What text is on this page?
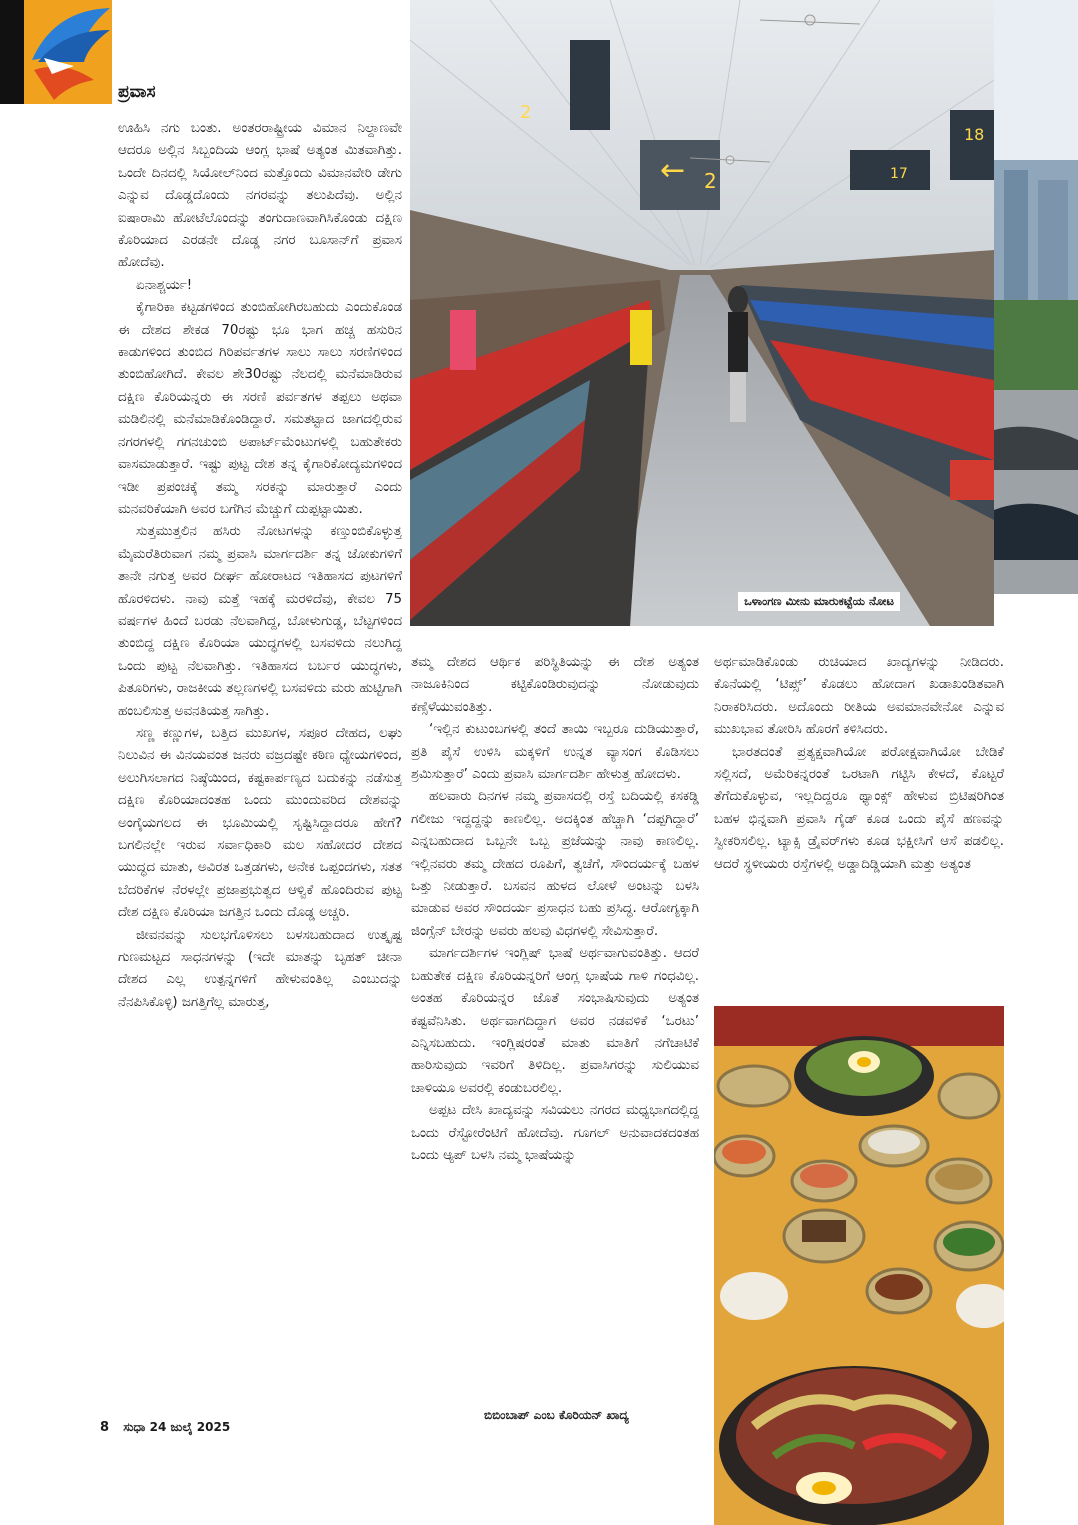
ಪ್ರವಾಸ

ಊಹಿಸಿ ನಗು ಬಂತು. ಅಂತರರಾಷ್ಟ್ರೀಯ ವಿಮಾನ ನಿಲ್ದಾಣವೇ ಆದರೂ ಅಲ್ಲಿನ ಸಿಬ್ಬಂದಿಯ ಆಂಗ್ಲ ಭಾಷೆ ಅತ್ಯಂತ ಮಿತವಾಗಿತ್ತು. ಒಂದೇ ದಿನದಲ್ಲಿ ಸಿಯೋಲ್‌ನಿಂದ ಮತ್ತೊಂದು ವಿಮಾನವೇರಿ ಡೇಗು ಎನ್ನುವ ದೊಡ್ಡದೊಂದು ನಗರವನ್ನು ತಲುಪಿದೆವು. ಅಲ್ಲಿನ ಐಷಾರಾಮಿ ಹೋಟೆಲೊಂದನ್ನು ತಂಗುದಾಣವಾಗಿಸಿಕೊಂಡು ದಕ್ಷಿಣ ಕೊರಿಯಾದ ಎರಡನೇ ದೊಡ್ಡ ನಗರ ಬೂಸಾನ್‌ಗೆ ಪ್ರವಾಸ ಹೋದೆವು.

ಏನಾಶ್ಚರ್ಯ!

ಕೈಗಾರಿಕಾ ಕಟ್ಟಡಗಳಿಂದ ತುಂಬಿಹೋಗಿರಬಹುದು ಎಂದುಕೊಂಡ ಈ ದೇಶದ ಶೇಕಡ 70ರಷ್ಟು ಭೂ ಭಾಗ ಹಚ್ಚ ಹಸುರಿನ ಕಾಡುಗಳಿಂದ ತುಂಬಿದ ಗಿರಿಪರ್ವತಗಳ ಸಾಲು ಸಾಲು ಸರಣಿಗಳಿಂದ ತುಂಬಿಹೋಗಿದೆ. ಕೇವಲ ಶೇ30ರಷ್ಟು ನೆಲದಲ್ಲಿ ಮನೆಮಾಡಿರುವ ದಕ್ಷಿಣ ಕೊರಿಯನ್ನರು ಈ ಸರಣಿ ಪರ್ವತಗಳ ತಪ್ಪಲು ಅಥವಾ ಮಡಿಲಿನಲ್ಲಿ ಮನೆಮಾಡಿಕೊಂಡಿದ್ದಾರೆ. ಸಮತಟ್ಟಾದ ಜಾಗದಲ್ಲಿರುವ ನಗರಗಳಲ್ಲಿ ಗಗನಚುಂಬಿ ಅಪಾರ್ಟ್‌ಮೆಂಟುಗಳಲ್ಲಿ ಬಹುತೇಕರು ವಾಸಮಾಡುತ್ತಾರೆ. ಇಷ್ಟು ಪುಟ್ಟ ದೇಶ ತನ್ನ ಕೈಗಾರಿಕೋದ್ಯಮಗಳಿಂದ ಇಡೀ ಪ್ರಪಂಚಕ್ಕೆ ತಮ್ಮ ಸರಕನ್ನು ಮಾರುತ್ತಾರೆ ಎಂದು ಮನವರಿಕೆಯಾಗಿ ಅವರ ಬಗೆಗಿನ ಮೆಚ್ಚುಗೆ ದುಪ್ಪಟ್ಟಾಯಿತು.

ಸುತ್ತಮುತ್ತಲಿನ ಹಸಿರು ನೋಟಗಳನ್ನು ಕಣ್ತುಂಬಿಕೊಳ್ಳುತ್ತ ಮೈಮರೆತಿರುವಾಗ ನಮ್ಮ ಪ್ರವಾಸಿ ಮಾರ್ಗದರ್ಶಿ ತನ್ನ ಜೋಕುಗಳಿಗೆ ತಾನೇ ನಗುತ್ತ ಅವರ ದೀರ್ಘ ಹೋರಾಟದ ಇತಿಹಾಸದ ಪುಟಗಳಿಗೆ ಹೊರಳಿದಳು. ನಾವು ಮತ್ತೆ ಇಹಕ್ಕೆ ಮರಳಿದೆವು, ಕೇವಲ 75 ವರ್ಷಗಳ ಹಿಂದೆ ಬರಡು ನೆಲವಾಗಿದ್ದ, ಬೋಳುಗುಡ್ಡ, ಬೆಟ್ಟಗಳಿಂದ ತುಂಬಿದ್ದ ದಕ್ಷಿಣ ಕೊರಿಯಾ ಯುದ್ಧಗಳಲ್ಲಿ ಬಸವಳಿದು ನಲುಗಿದ್ದ ಒಂದು ಪುಟ್ಟ ನೆಲವಾಗಿತ್ತು. ಇತಿಹಾಸದ ಬರ್ಬರ ಯುದ್ಧಗಳು, ಪಿತೂರಿಗಳು, ರಾಜಕೀಯ ತಲ್ಲಣಗಳಲ್ಲಿ ಬಸವಳಿದು ಮರು ಹುಟ್ಟಿಗಾಗಿ ಹಂಬಲಿಸುತ್ತ ಅವನತಿಯತ್ತ ಸಾಗಿತ್ತು.

ಸಣ್ಣ ಕಣ್ಣುಗಳ, ಬತ್ತಿದ ಮುಖಗಳ, ಸಪೂರ ದೇಹದ, ಲಘು ನಿಲುವಿನ ಈ ವಿನಯವಂತ ಜನರು ವಜ್ರದಷ್ಟೇ ಕಠಿಣ ಧ್ಯೇಯಗಳಿಂದ, ಅಲುಗಿಸಲಾಗದ ನಿಷ್ಠೆಯಿಂದ, ಕಷ್ಟಕಾರ್ಪಣ್ಯದ ಬದುಕನ್ನು ನಡೆಸುತ್ತ ದಕ್ಷಿಣ ಕೊರಿಯಾದಂತಹ ಒಂದು ಮುಂದುವರಿದ ದೇಶವನ್ನು ಅಂಗೈಯಗಲದ ಈ ಭೂಮಿಯಲ್ಲಿ ಸೃಷ್ಟಿಸಿದ್ದಾದರೂ ಹೇಗೆ? ಬಗಲಿನಲ್ಲೇ ಇರುವ ಸರ್ವಾಧಿಕಾರಿ ಮಲ ಸಹೋದರ ದೇಶದ ಯುದ್ಧದ ಮಾತು, ಅವಿರತ ಒತ್ತಡಗಳು, ಅನೇಕ ಒಪ್ಪಂದಗಳು, ಸತತ ಬೆದರಿಕೆಗಳ ನೆರಳಲ್ಲೇ ಪ್ರಜಾಪ್ರಭುತ್ವದ ಆಳ್ವಿಕೆ ಹೊಂದಿರುವ ಪುಟ್ಟ ದೇಶ ದಕ್ಷಿಣ ಕೊರಿಯಾ ಜಗತ್ತಿನ ಒಂದು ದೊಡ್ಡ ಅಚ್ಚರಿ.

ಜೀವನವನ್ನು ಸುಲಭಗೊಳಿಸಲು ಬಳಸಬಹುದಾದ ಉತ್ಕೃಷ್ಟ ಗುಣಮಟ್ಟದ ಸಾಧನಗಳನ್ನು (ಇದೇ ಮಾತನ್ನು ಬೃಹತ್ ಚೀನಾ ದೇಶದ ಎಲ್ಲ ಉತ್ಪನ್ನಗಳಿಗೆ ಹೇಳುವಂತಿಲ್ಲ ಎಂಬುದನ್ನು ನೆನಪಿಸಿಕೊಳ್ಳಿ) ಜಗತ್ತಿಗೆಲ್ಲ ಮಾರುತ್ತ,

← 2
2
17
18
ಒಳಾಂಗಣ ಮೀನು ಮಾರುಕಟ್ಟೆಯ ನೋಟ

ತಮ್ಮ ದೇಶದ ಆರ್ಥಿಕ ಪರಿಸ್ಥಿತಿಯನ್ನು ಈ ದೇಶ ಅತ್ಯಂತ ನಾಜೂಕಿನಿಂದ ಕಟ್ಟಿಕೊಂಡಿರುವುದನ್ನು ನೋಡುವುದು ಕಣ್ಸೆಳೆಯುವಂತಿತ್ತು.

‘ಇಲ್ಲಿನ ಕುಟುಂಬಗಳಲ್ಲಿ ತಂದೆ ತಾಯಿ ಇಬ್ಬರೂ ದುಡಿಯುತ್ತಾರೆ, ಪ್ರತಿ ಪೈಸೆ ಉಳಿಸಿ ಮಕ್ಕಳಿಗೆ ಉನ್ನತ ವ್ಯಾಸಂಗ ಕೊಡಿಸಲು ಶ್ರಮಿಸುತ್ತಾರೆ’ ಎಂದು ಪ್ರವಾಸಿ ಮಾರ್ಗದರ್ಶಿ ಹೇಳುತ್ತ ಹೋದಳು.

ಹಲವಾರು ದಿನಗಳ ನಮ್ಮ ಪ್ರವಾಸದಲ್ಲಿ ರಸ್ತೆ ಬದಿಯಲ್ಲಿ ಕಸಕಡ್ಡಿ ಗಲೀಜು ಇದ್ದದ್ದನ್ನು ಕಾಣಲಿಲ್ಲ. ಅದಕ್ಕಿಂತ ಹೆಚ್ಚಾಗಿ ‘ದಪ್ಪಗಿದ್ದಾರೆ’ ಎನ್ನಬಹುದಾದ ಒಬ್ಬನೇ ಒಬ್ಬ ಪ್ರಜೆಯನ್ನು ನಾವು ಕಾಣಲಿಲ್ಲ. ಇಲ್ಲಿನವರು ತಮ್ಮ ದೇಹದ ರೂಪಿಗೆ, ತ್ವಚೆಗೆ, ಸೌಂದರ್ಯಕ್ಕೆ ಬಹಳ ಒತ್ತು ನೀಡುತ್ತಾರೆ. ಬಸವನ ಹುಳದ ಲೋಳೆ ಅಂಟನ್ನು ಬಳಸಿ ಮಾಡುವ ಅವರ ಸೌಂದರ್ಯ ಪ್ರಸಾಧನ ಬಹು ಪ್ರಸಿದ್ಧ. ಆರೋಗ್ಯಕ್ಕಾಗಿ ಜಿಂಗ್ಸೆನ್ ಬೇರನ್ನು ಅವರು ಹಲವು ವಿಧಗಳಲ್ಲಿ ಸೇವಿಸುತ್ತಾರೆ.

ಮಾರ್ಗದರ್ಶಿಗಳ ಇಂಗ್ಲಿಷ್ ಭಾಷೆ ಅರ್ಥವಾಗುವಂತಿತ್ತು. ಆದರೆ ಬಹುತೇಕ ದಕ್ಷಿಣ ಕೊರಿಯನ್ನರಿಗೆ ಆಂಗ್ಲ ಭಾಷೆಯ ಗಾಳಿ ಗಂಧವಿಲ್ಲ. ಅಂತಹ ಕೊರಿಯನ್ನರ ಜೊತೆ ಸಂಭಾಷಿಸುವುದು ಅತ್ಯಂತ ಕಷ್ಟವೆನಿಸಿತು. ಅರ್ಥವಾಗದಿದ್ದಾಗ ಅವರ ನಡವಳಿಕೆ ‘ಒರಟು’ ಎನ್ನಿಸಬಹುದು. ಇಂಗ್ಲಿಷರಂತೆ ಮಾತು ಮಾತಿಗೆ ನಗೆಚಾಟಿಕೆ ಹಾರಿಸುವುದು ಇವರಿಗೆ ತಿಳಿದಿಲ್ಲ. ಪ್ರವಾಸಿಗರನ್ನು ಸುಲಿಯುವ ಚಾಳಿಯೂ ಅವರಲ್ಲಿ ಕಂಡುಬರಲಿಲ್ಲ.

ಅಪ್ಪಟ ದೇಸಿ ಖಾದ್ಯವನ್ನು ಸವಿಯಲು ನಗರದ ಮಧ್ಯಭಾಗದಲ್ಲಿದ್ದ ಒಂದು ರೆಸ್ಟೋರೆಂಟಿಗೆ ಹೋದೆವು. ಗೂಗಲ್ ಅನುವಾದಕದಂತಹ ಒಂದು ಆ್ಯಪ್ ಬಳಸಿ ನಮ್ಮ ಭಾಷೆಯನ್ನು

ಅರ್ಥಮಾಡಿಕೊಂಡು ರುಚಿಯಾದ ಖಾದ್ಯಗಳನ್ನು ನೀಡಿದರು. ಕೊನೆಯಲ್ಲಿ ‘ಟಿಪ್ಸ್’ ಕೊಡಲು ಹೋದಾಗ ಖಡಾಖಂಡಿತವಾಗಿ ನಿರಾಕರಿಸಿದರು. ಅದೊಂದು ರೀತಿಯ ಅವಮಾನವೇನೋ ಎನ್ನುವ ಮುಖಭಾವ ತೋರಿಸಿ ಹೊರಗೆ ಕಳಿಸಿದರು.

ಭಾರತದಂತೆ ಪ್ರತ್ಯಕ್ಷವಾಗಿಯೋ ಪರೋಕ್ಷವಾಗಿಯೋ ಬೇಡಿಕೆ ಸಲ್ಲಿಸದೆ, ಅಮೆರಿಕನ್ನರಂತೆ ಒರಟಾಗಿ ಗಟ್ಟಿಸಿ ಕೇಳದೆ, ಕೊಟ್ಟರೆ ತೆಗೆದುಕೊಳ್ಳುವ, ಇಲ್ಲದಿದ್ದರೂ ಥ್ಯಾಂಕ್ಸ್ ಹೇಳುವ ಬ್ರಿಟಿಷರಿಗಿಂತ ಬಹಳ ಭಿನ್ನವಾಗಿ ಪ್ರವಾಸಿ ಗೈಡ್ ಕೂಡ ಒಂದು ಪೈಸೆ ಹಣವನ್ನು ಸ್ವೀಕರಿಸಲಿಲ್ಲ. ಟ್ಯಾಕ್ಸಿ ಡ್ರೈವರ್‌ಗಳು ಕೂಡ ಭಕ್ಷೀಸಿಗೆ ಆಸೆ ಪಡಲಿಲ್ಲ. ಆದರೆ ಸ್ಥಳೀಯರು ರಸ್ತೆಗಳಲ್ಲಿ ಅಡ್ಡಾದಿಡ್ಡಿಯಾಗಿ ಮತ್ತು ಅತ್ಯಂತ

ಬಿಬಿಂಬಾಪ್ ಎಂಬ ಕೊರಿಯನ್ ಖಾದ್ಯ
8 ಸುಧಾ 24 ಜುಲೈ 2025
